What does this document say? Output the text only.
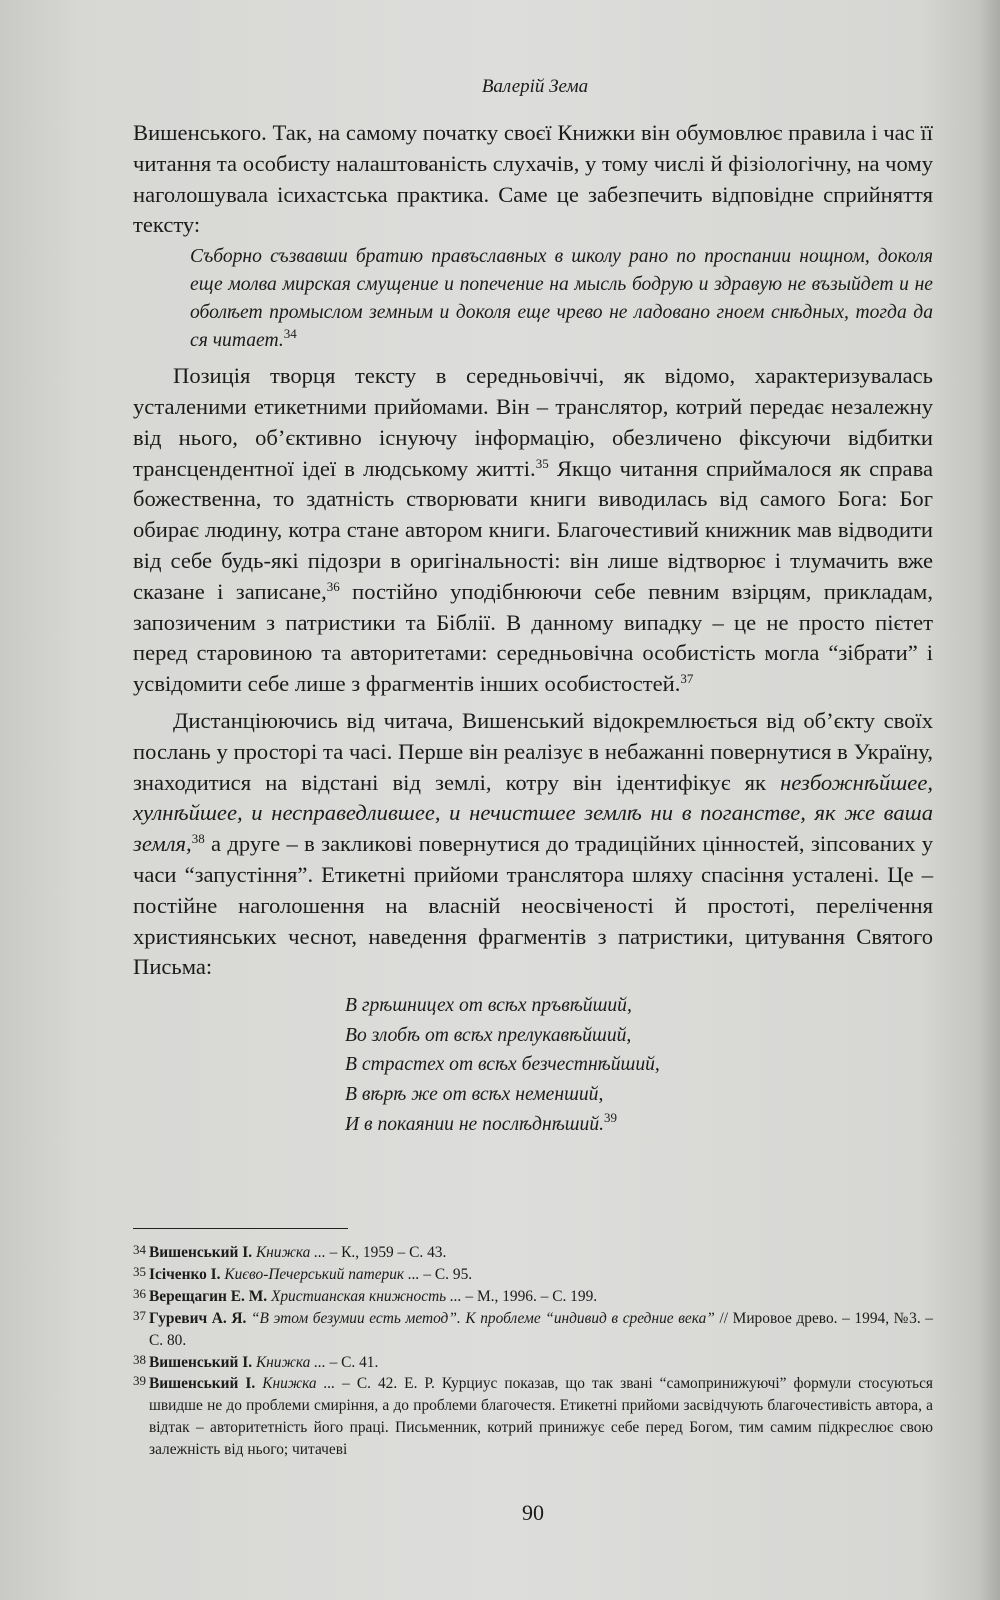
Валерій Зема

Вишенського. Так, на самому початку своєї Книжки він обумовлює правила і час її читання та особисту налаштованість слухачів, у тому числі й фізіологічну, на чому наголошувала ісихастська практика. Саме це забезпечить відповідне сприйняття тексту:

Съборно съзвавши братию правъславных в школу рано по проспании нощном, доколя еще молва мирская смущение и попечение на мысль бодрую и здравую не възыйдет и не оболѣет промыслом земным и доколя еще чрево не ладовано гноем снѣдных, тогда да ся читает.$^{34}$

Позиція творця тексту в середньовіччі, як відомо, характеризувалась усталеними етикетними прийомами. Він – транслятор, котрий передає незалежну від нього, об’єктивно існуючу інформацію, обезличено фіксуючи відбитки трансцендентної ідеї в людському житті.$^{35}$ Якщо читання сприймалося як справа божественна, то здатність створювати книги виводилась від самого Бога: Бог обирає людину, котра стане автором книги. Благочестивий книжник мав відводити від себе будь-які підозри в оригінальності: він лише відтворює і тлумачить вже сказане і записане,$^{36}$ постійно уподібнюючи себе певним взірцям, прикладам, запозиченим з патристики та Біблії. В данному випадку – це не просто пієтет перед старовиною та авторитетами: середньовічна особистість могла “зібрати” і усвідомити себе лише з фрагментів інших особистостей.$^{37}$

Дистанціюючись від читача, Вишенський відокремлюється від об’єкту своїх послань у просторі та часі. Перше він реалізує в небажанні повернутися в Україну, знаходитися на відстані від землі, котру він ідентифікує як незбожнѣйшее, хулнѣйшее, и несправедлившее, и нечистшее землѣ ни в поганстве, як же ваша земля,$^{38}$ а друге – в закликові повернутися до традиційних цінностей, зіпсованих у часи “запустіння”. Етикетні прийоми транслятора шляху спасіння усталені. Це – постійне наголошення на власній неосвіченості й простоті, перелічення християнських чеснот, наведення фрагментів з патристики, цитування Святого Письма:

В грѣшницех от всѣх пръвѣйший,
Во злобѣ от всѣх прелукавѣйший,
В страстех от всѣх безчестнѣйший,
В вѣрѣ же от всѣх неменший,
И в покаянии не послѣднѣший.$^{39}$
34 Вишенський І. Книжка ... – К., 1959 – С. 43.
35 Ісіченко І. Києво-Печерський патерик ... – С. 95.
36 Верещагин Е. М. Христианская книжность ... – М., 1996. – С. 199.
37 Гуревич А. Я. “В этом безумии есть метод”. К проблеме “индивид в средние века” // Мировое древо. – 1994, №3. – С. 80.
38 Вишенський І. Книжка ... – С. 41.
39 Вишенський І. Книжка ... – С. 42. Е. Р. Курциус показав, що так звані “самопринижуючі” формули стосуються швидше не до проблеми смиріння, а до проблеми благочестя. Етикетні прийоми засвідчують благочестивість автора, а відтак – авторитетність його праці. Письменник, котрий принижує себе перед Богом, тим самим підкреслює свою залежність від нього; читачеві
90
